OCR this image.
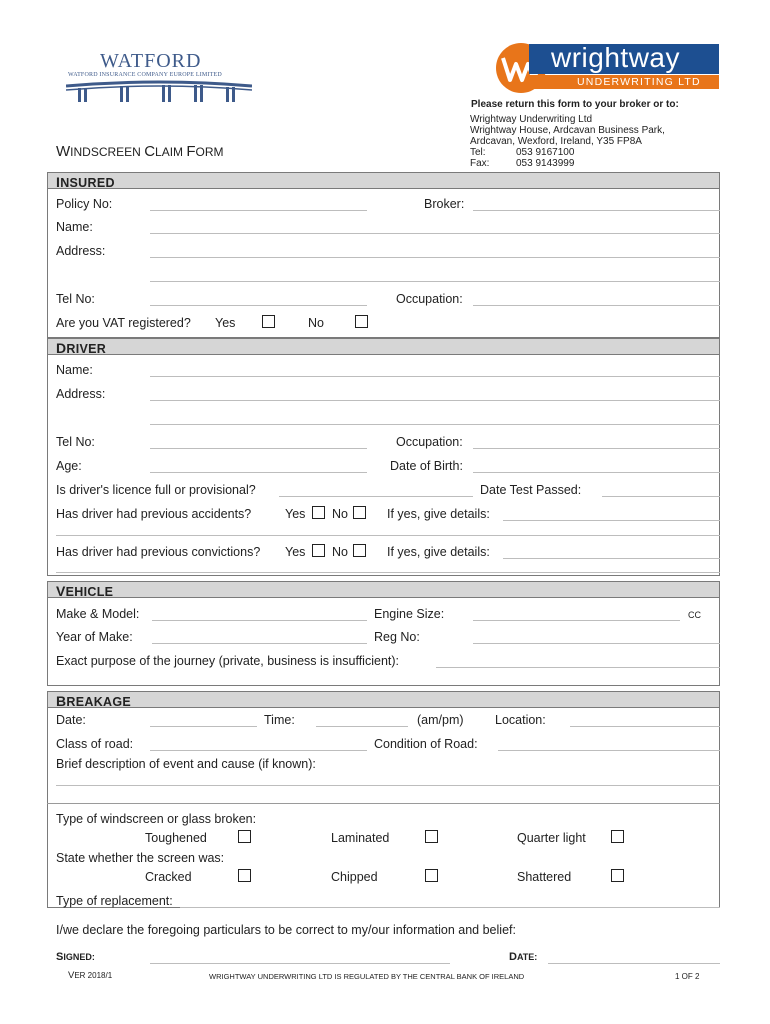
WATFORD
WATFORD INSURANCE COMPANY EUROPE LIMITED
wrightway
UNDERWRITING LTD
Please return this form to your broker or to:
Wrightway Underwriting Ltd
Wrightway House, Ardcavan Business Park,
Ardcavan, Wexford, Ireland, Y35 FP8A
Tel:	053 9167100
Fax:	053 9143999
WINDSCREEN CLAIM FORM
INSURED
Policy No:	Broker:
Name:
Address:
Tel No:	Occupation:
Are you VAT registered? Yes	No
DRIVER
Name:
Address:
Tel No:	Occupation:
Age:	Date of Birth:
Is driver's licence full or provisional?	Date Test Passed:
Has driver had previous accidents?	Yes No	If yes, give details:
Has driver had previous convictions? Yes No	If yes, give details:
VEHICLE
Make & Model:	Engine Size:	CC
Year of Make:	Reg No:
Exact purpose of the journey (private, business is insufficient):
BREAKAGE
Date:	Time:	(am/pm)	Location:
Class of road:	Condition of Road:
Brief description of event and cause (if known):
Type of windscreen or glass broken:
Toughened	Laminated	Quarter light
State whether the screen was:
Cracked	Chipped	Shattered
Type of replacement:
I/we declare the foregoing particulars to be correct to my/our information and belief:
SIGNED:	DATE:
VER 2018/1	WRIGHTWAY UNDERWRITING LTD IS REGULATED BY THE CENTRAL BANK OF IRELAND	1 OF 2
